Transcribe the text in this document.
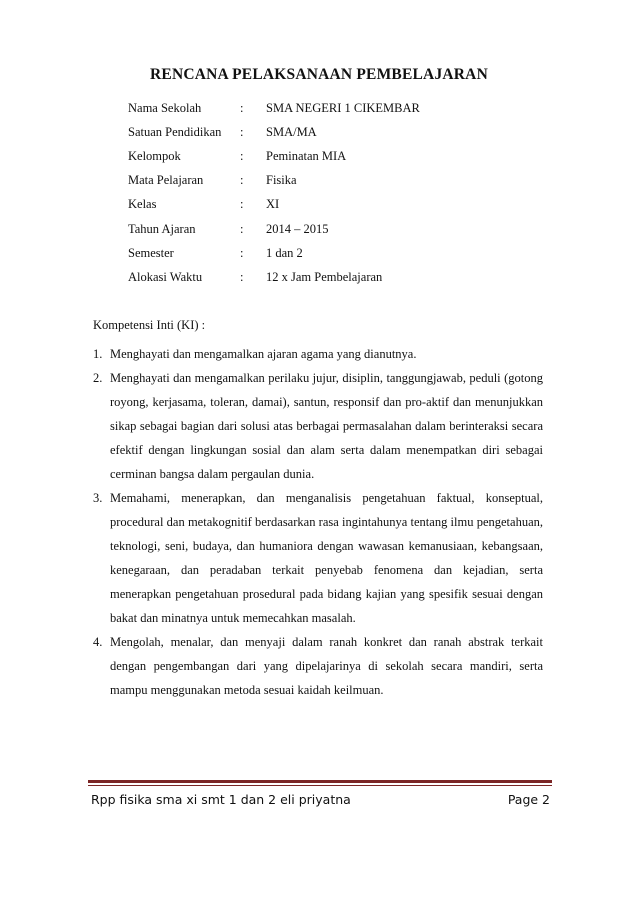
RENCANA PELAKSANAAN PEMBELAJARAN
Nama Sekolah	:	SMA NEGERI 1 CIKEMBAR
Satuan Pendidikan	:	SMA/MA
Kelompok	:	Peminatan MIA
Mata Pelajaran	:	Fisika
Kelas	:	XI
Tahun Ajaran	:	2014 – 2015
Semester	:	1 dan 2
Alokasi Waktu	:	12 x Jam Pembelajaran
Kompetensi Inti (KI) :
1. Menghayati dan mengamalkan ajaran agama yang dianutnya.
2. Menghayati dan mengamalkan perilaku jujur, disiplin, tanggungjawab, peduli (gotong royong, kerjasama, toleran, damai), santun, responsif dan pro-aktif dan menunjukkan sikap sebagai bagian dari solusi atas berbagai permasalahan dalam berinteraksi secara efektif dengan lingkungan sosial dan alam serta dalam menempatkan diri sebagai cerminan bangsa dalam pergaulan dunia.
3. Memahami, menerapkan, dan menganalisis pengetahuan faktual, konseptual, procedural dan metakognitif berdasarkan rasa ingintahunya tentang ilmu pengetahuan, teknologi, seni, budaya, dan humaniora dengan wawasan kemanusiaan, kebangsaan, kenegaraan, dan peradaban terkait penyebab fenomena dan kejadian, serta menerapkan pengetahuan prosedural pada bidang kajian yang spesifik sesuai dengan bakat dan minatnya untuk memecahkan masalah.
4. Mengolah, menalar, dan menyaji dalam ranah konkret dan ranah abstrak terkait dengan pengembangan dari yang dipelajarinya di sekolah secara mandiri, serta mampu menggunakan metoda sesuai kaidah keilmuan.
Rpp fisika sma xi smt 1 dan 2 eli priyatna	Page 2
